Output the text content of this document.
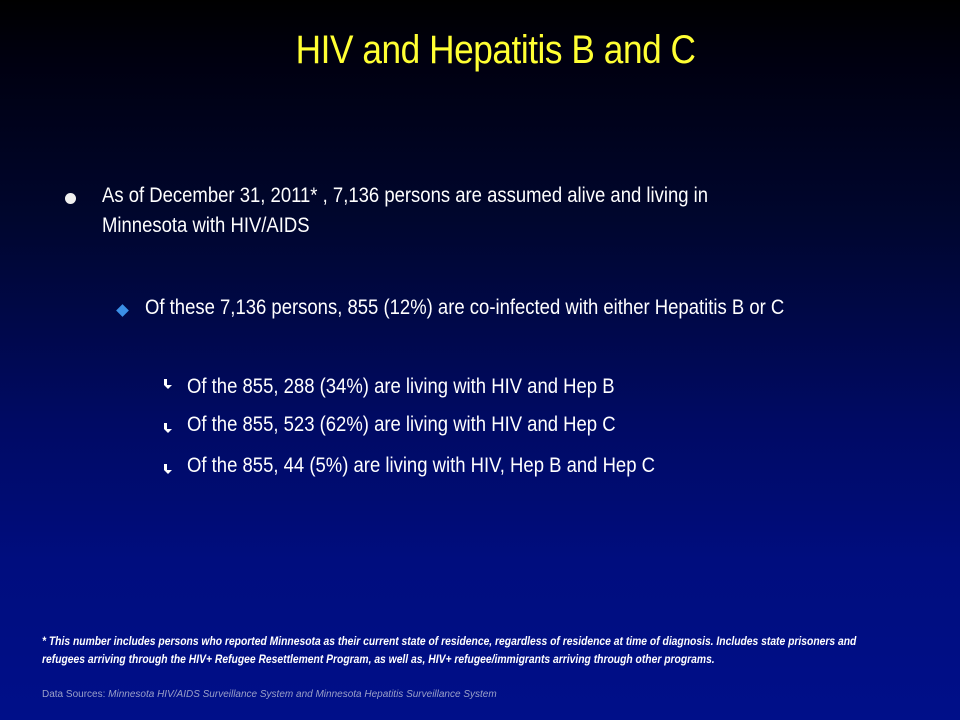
HIV and Hepatitis B and C
As of December 31, 2011* , 7,136 persons are assumed alive and living in
Minnesota with HIV/AIDS
Of these 7,136 persons, 855 (12%) are co-infected with either Hepatitis B or C
Of the 855, 288 (34%) are living with HIV and Hep B
Of the 855, 523 (62%) are living with HIV and Hep C
Of the 855, 44 (5%) are living with HIV, Hep B and Hep C
* This number includes persons who reported Minnesota as their current state of residence, regardless of residence at time of diagnosis. Includes state prisoners and
refugees arriving through the HIV+ Refugee Resettlement Program, as well as, HIV+ refugee/immigrants arriving through other programs.
Data Sources: Minnesota HIV/AIDS Surveillance System and Minnesota Hepatitis Surveillance System
